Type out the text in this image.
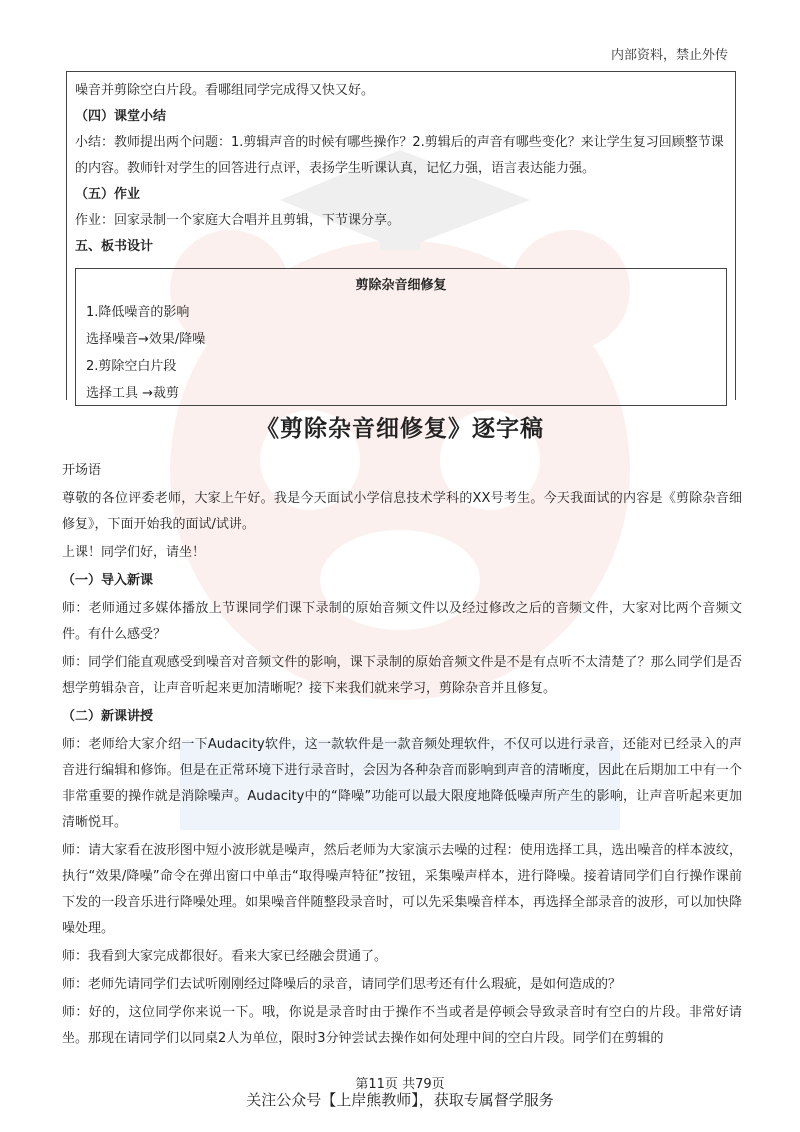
内部资料，禁止外传

噪音并剪除空白片段。看哪组同学完成得又快又好。

（四）课堂小结

小结：教师提出两个问题：1.剪辑声音的时候有哪些操作？2.剪辑后的声音有哪些变化？来让学生复习回顾整节课的内容。教师针对学生的回答进行点评，表扬学生听课认真，记忆力强，语言表达能力强。

（五）作业

作业：回家录制一个家庭大合唱并且剪辑，下节课分享。

五、板书设计

剪除杂音细修复
1.降低噪音的影响
选择噪音→效果/降噪
2.剪除空白片段
选择工具 →裁剪
《剪除杂音细修复》逐字稿

开场语

尊敬的各位评委老师，大家上午好。我是今天面试小学信息技术学科的XX号考生。今天我面试的内容是《剪除杂音细修复》，下面开始我的面试/试讲。

上课！同学们好，请坐！

（一）导入新课

师：老师通过多媒体播放上节课同学们课下录制的原始音频文件以及经过修改之后的音频文件，大家对比两个音频文件。有什么感受？

师：同学们能直观感受到噪音对音频文件的影响，课下录制的原始音频文件是不是有点听不太清楚了？那么同学们是否想学剪辑杂音，让声音听起来更加清晰呢？接下来我们就来学习，剪除杂音并且修复。

（二）新课讲授

师：老师给大家介绍一下Audacity软件，这一款软件是一款音频处理软件，不仅可以进行录音，还能对已经录入的声音进行编辑和修饰。但是在正常环境下进行录音时，会因为各种杂音而影响到声音的清晰度，因此在后期加工中有一个非常重要的操作就是消除噪声。Audacity中的“降噪”功能可以最大限度地降低噪声所产生的影响，让声音听起来更加清晰悦耳。

师：请大家看在波形图中短小波形就是噪声，然后老师为大家演示去噪的过程：使用选择工具，选出噪音的样本波纹，执行“效果/降噪”命令在弹出窗口中单击“取得噪声特征”按钮，采集噪声样本，进行降噪。接着请同学们自行操作课前下发的一段音乐进行降噪处理。如果噪音伴随整段录音时，可以先采集噪音样本，再选择全部录音的波形，可以加快降噪处理。

师：我看到大家完成都很好。看来大家已经融会贯通了。

师：老师先请同学们去试听刚刚经过降噪后的录音，请同学们思考还有什么瑕疵，是如何造成的？

师：好的，这位同学你来说一下。哦，你说是录音时由于操作不当或者是停顿会导致录音时有空白的片段。非常好请坐。那现在请同学们以同桌2人为单位，限时3分钟尝试去操作如何处理中间的空白片段。同学们在剪辑的

第11页 共79页
关注公众号【上岸熊教师】，获取专属督学服务
